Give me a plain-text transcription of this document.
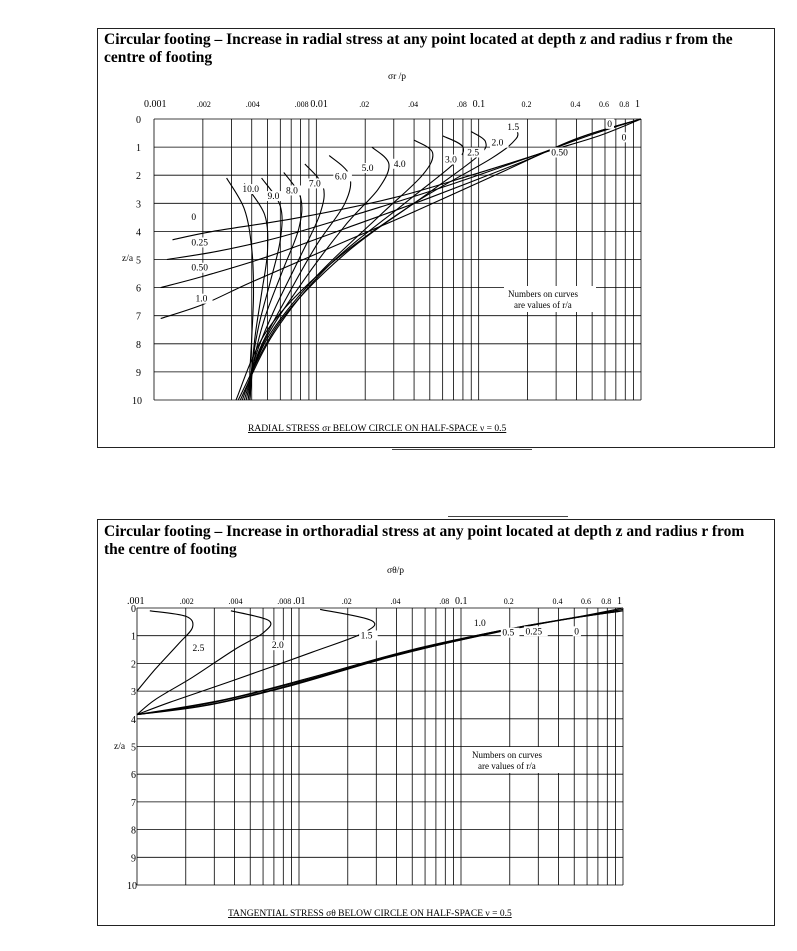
Circular footing – Increase in radial stress at any point located at depth z and radius r from the centre of footing
0.001	.002	.004	.008 0.01	.02	.04	.08 0.1	0.2	0.4 0.6 0.8 1
0
1
2
3
4
5
6
7
8
9
10
σr /p
z/a
0
0
0
0.25
0.50
0.50
1.0
1.5
2.0
2.5
3.0
4.0
5.0
6.0
7.0
8.0
9.0
10.0
Numbers on curves
are values of r/a
RADIAL STRESS σr BELOW CIRCLE ON HALF-SPACE ν = 0.5
Circular footing – Increase in orthoradial stress at any point located at depth z and radius r from the centre of footing
.001	.002	.004	.008 .01	.02	.04	.08 0.1	0.2	0.4 0.6 0.8 1
0
1
2
3
4
5
6
7
8
9
10
σθ/p
z/a
0
0.25
0.5
1.0
1.5
2.0
2.5
Numbers on curves
are values of r/a
TANGENTIAL STRESS σθ BELOW CIRCLE ON HALF-SPACE ν = 0.5
